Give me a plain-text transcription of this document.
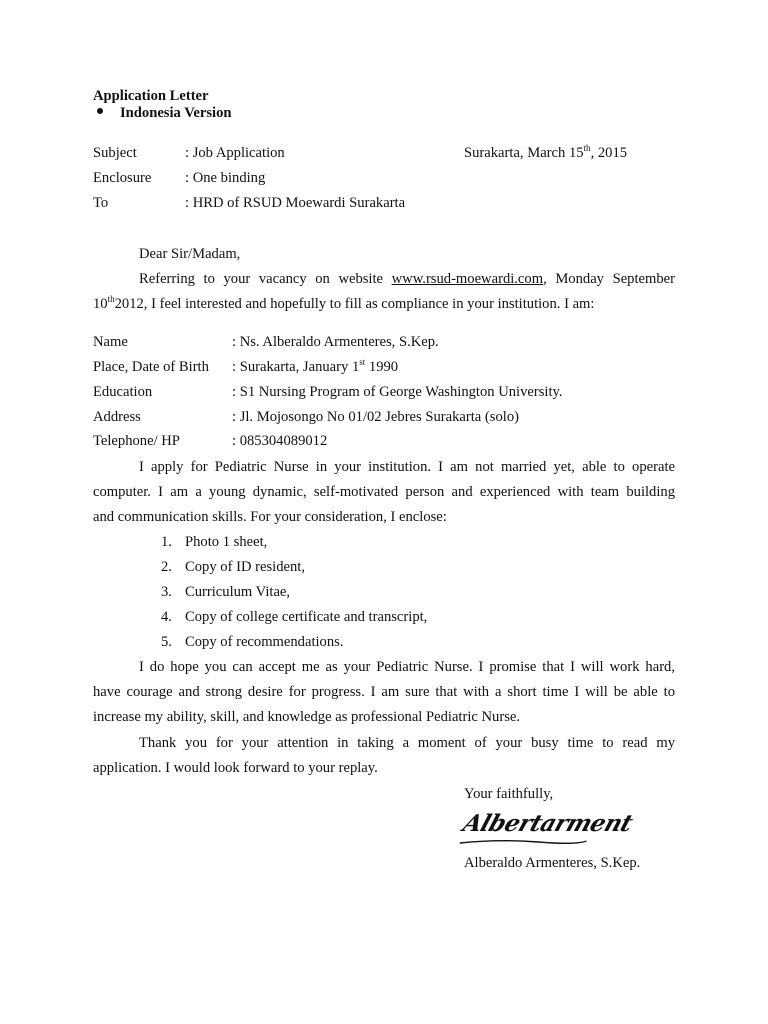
Application Letter
Indonesia Version
Subject	: Job Application
Enclosure : One binding
To	: HRD of RSUD Moewardi Surakarta
Surakarta, March 15th, 2015
Dear Sir/Madam,
Referring to your vacancy on website www.rsud-moewardi.com, Monday September
10th2012, I feel interested and hopefully to fill as compliance in your institution. I am:
Name	: Ns. Alberaldo Armenteres, S.Kep.
Place, Date of Birth : Surakarta, January 1st 1990
Education	: S1 Nursing Program of George Washington University.
Address	: Jl. Mojosongo No 01/02 Jebres Surakarta (solo)
Telephone/ HP	: 085304089012
I apply for Pediatric Nurse in your institution. I am not married yet, able to operate
computer. I am a young dynamic, self-motivated person and experienced with team building
and communication skills. For your consideration, I enclose:
1. Photo 1 sheet,
2. Copy of ID resident,
3. Curriculum Vitae,
4. Copy of college certificate and transcript,
5. Copy of recommendations.
I do hope you can accept me as your Pediatric Nurse. I promise that I will work hard,
have courage and strong desire for progress. I am sure that with a short time I will be able to
increase my ability, skill, and knowledge as professional Pediatric Nurse.
Thank you for your attention in taking a moment of your busy time to read my
application. I would look forward to your replay.
Your faithfully,
Albertarment
Alberaldo Armenteres, S.Kep.
